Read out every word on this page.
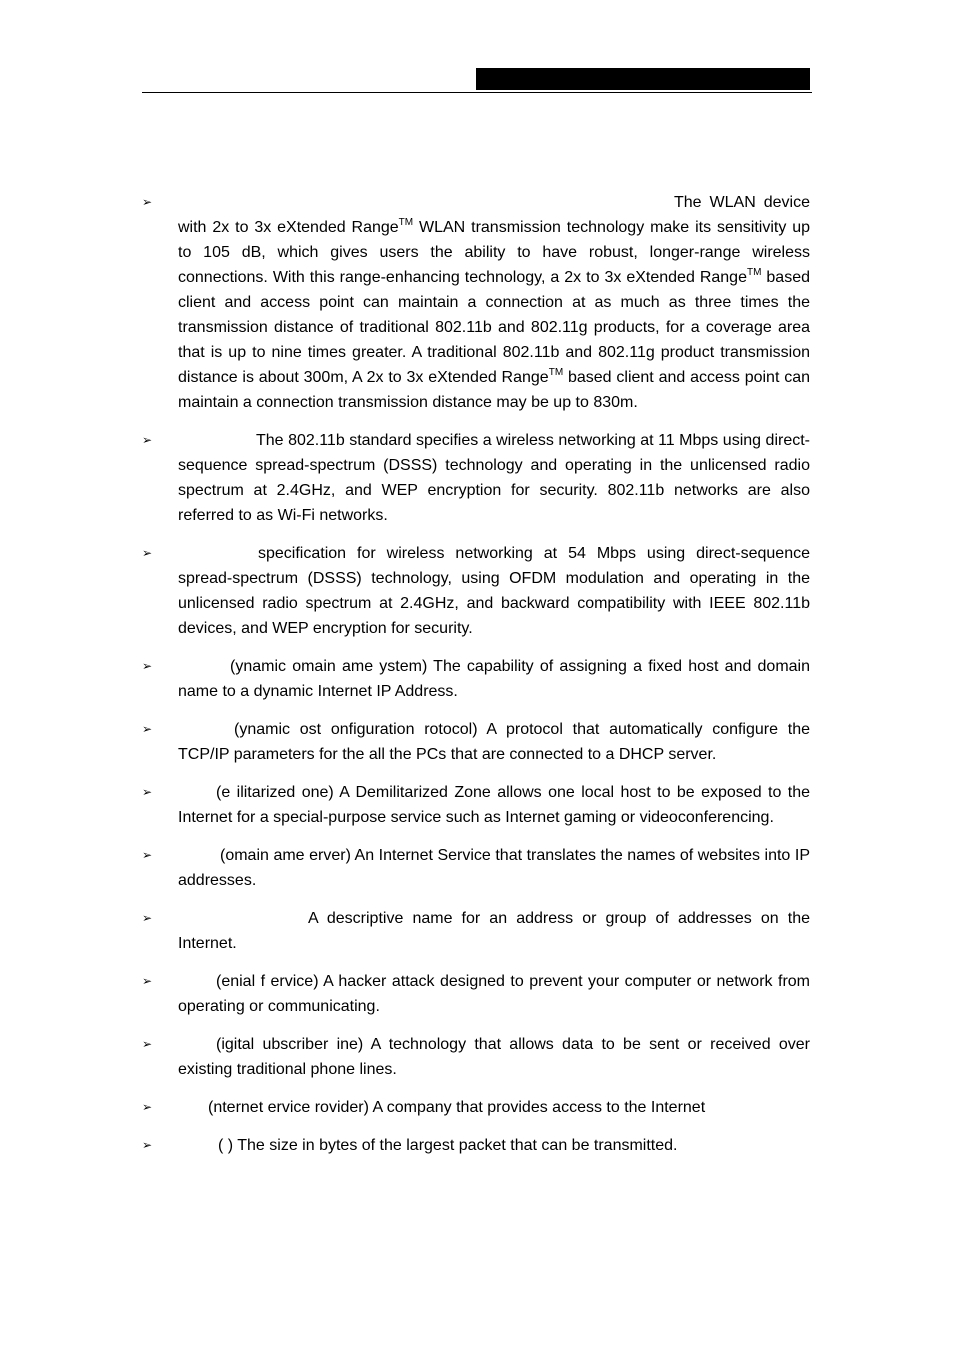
➢	The WLAN device with 2x to 3x eXtended Range™ WLAN transmission technology make its sensitivity up to 105 dB, which gives users the ability to have robust, longer-range wireless connections. With this range-enhancing technology, a 2x to 3x eXtended Range™ based client and access point can maintain a connection at as much as three times the transmission distance of traditional 802.11b and 802.11g products, for a coverage area that is up to nine times greater. A traditional 802.11b and 802.11g product transmission distance is about 300m, A 2x to 3x eXtended Range™ based client and access point can maintain a connection transmission distance may be up to 830m.
➢	The 802.11b standard specifies a wireless networking at 11 Mbps using direct-sequence spread-spectrum (DSSS) technology and operating in the unlicensed radio spectrum at 2.4GHz, and WEP encryption for security. 802.11b networks are also referred to as Wi-Fi networks.
➢	specification for wireless networking at 54 Mbps using direct-sequence spread-spectrum (DSSS) technology, using OFDM modulation and operating in the unlicensed radio spectrum at 2.4GHz, and backward compatibility with IEEE 802.11b devices, and WEP encryption for security.
➢	(ynamic omain ame ystem) The capability of assigning a fixed host and domain name to a dynamic Internet IP Address.
➢	(ynamic ost onfiguration rotocol) A protocol that automatically configure the TCP/IP parameters for the all the PCs that are connected to a DHCP server.
➢	(e ilitarized one) A Demilitarized Zone allows one local host to be exposed to the Internet for a special-purpose service such as Internet gaming or videoconferencing.
➢	(omain ame erver) An Internet Service that translates the names of websites into IP addresses.
➢	A descriptive name for an address or group of addresses on the Internet.
➢	(enial f ervice) A hacker attack designed to prevent your computer or network from operating or communicating.
➢	(igital ubscriber ine) A technology that allows data to be sent or received over existing traditional phone lines.
➢	(nternet ervice rovider) A company that provides access to the Internet
➢	( ) The size in bytes of the largest packet that can be transmitted.
